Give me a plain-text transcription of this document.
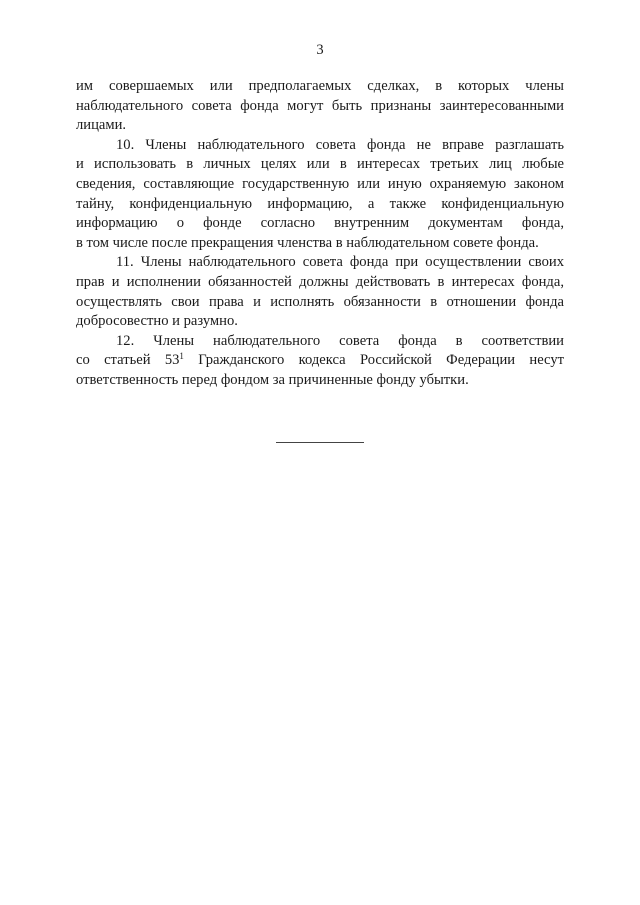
3

им совершаемых или предполагаемых сделках, в которых члены
наблюдательного совета фонда могут быть признаны заинтересованными
лицами.

10. Члены наблюдательного совета фонда не вправе разглашать
и использовать в личных целях или в интересах третьих лиц любые
сведения, составляющие государственную или иную охраняемую законом
тайну, конфиденциальную информацию, а также конфиденциальную
информацию о фонде согласно внутренним документам фонда,
в том числе после прекращения членства в наблюдательном совете фонда.

11. Члены наблюдательного совета фонда при осуществлении своих
прав и исполнении обязанностей должны действовать в интересах фонда,
осуществлять свои права и исполнять обязанности в отношении фонда
добросовестно и разумно.

12. Члены наблюдательного совета фонда в соответствии
со статьей $53^1$ Гражданского кодекса Российской Федерации несут
ответственность перед фондом за причиненные фонду убытки.
